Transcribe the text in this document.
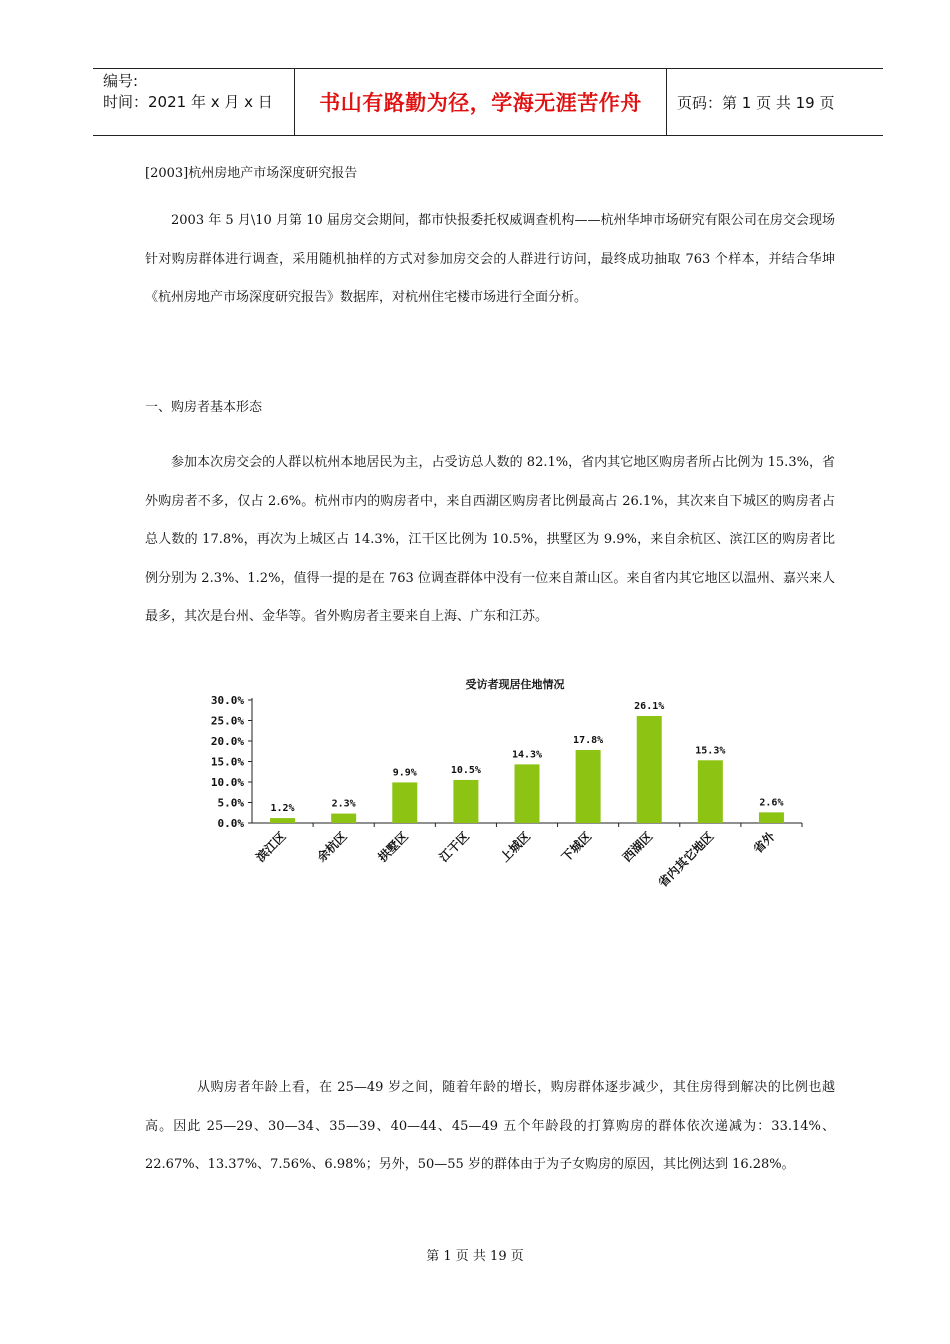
编号:
时间：2021 年 x 月 x 日	书山有路勤为径，学海无涯苦作舟	页码：第 1 页 共 19 页
[2003]杭州房地产市场深度研究报告
2003 年 5 月\10 月第 10 届房交会期间，都市快报委托权威调查机构——杭州华坤市场研究有限公司在房交会现场针对购房群体进行调查，采用随机抽样的方式对参加房交会的人群进行访问，最终成功抽取 763 个样本，并结合华坤《杭州房地产市场深度研究报告》数据库，对杭州住宅楼市场进行全面分析。
一、购房者基本形态
参加本次房交会的人群以杭州本地居民为主，占受访总人数的 82.1%，省内其它地区购房者所占比例为 15.3%，省外购房者不多，仅占 2.6%。杭州市内的购房者中，来自西湖区购房者比例最高占 26.1%，其次来自下城区的购房者占总人数的 17.8%，再次为上城区占 14.3%，江干区比例为 10.5%，拱墅区为 9.9%，来自余杭区、滨江区的购房者比例分别为 2.3%、1.2%，值得一提的是在 763 位调查群体中没有一位来自萧山区。来自省内其它地区以温州、嘉兴来人最多，其次是台州、金华等。省外购房者主要来自上海、广东和江苏。
受访者现居住地情况
30.0%
25.0%
20.0%
15.0%
10.0%
5.0%
0.0%
1.2%
滨江区
2.3%
余杭区
9.9%
拱墅区
10.5%
江干区
14.3%
上城区
17.8%
下城区
26.1%
西湖区
15.3%
省内其它地区
2.6%
省外
从购房者年龄上看，在 25—49 岁之间，随着年龄的增长，购房群体逐步减少，其住房得到解决的比例也越高。因此 25—29、30—34、35—39、40—44、45—49 五个年龄段的打算购房的群体依次递减为：33.14%、22.67%、13.37%、7.56%、6.98%；另外，50—55 岁的群体由于为子女购房的原因，其比例达到 16.28%。
第 1 页 共 19 页
